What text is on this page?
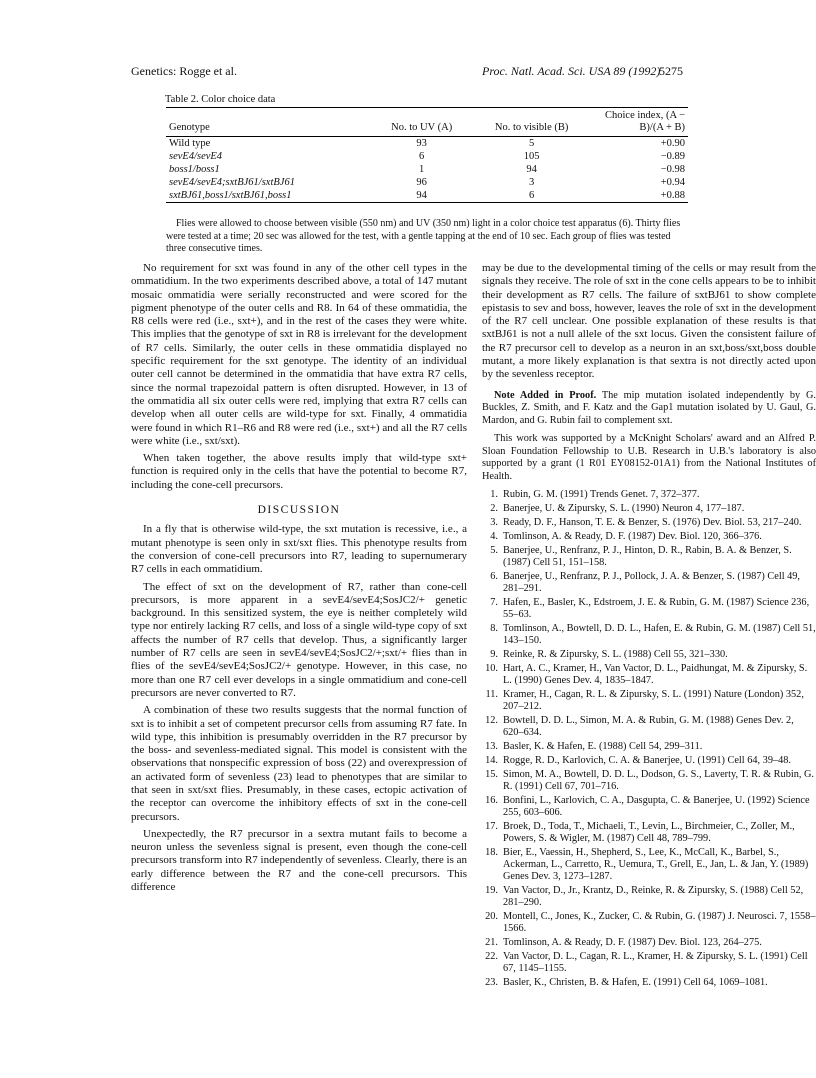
Genetics: Rogge et al.	Proc. Natl. Acad. Sci. USA 89 (1992)
5275
Table 2. Color choice data
Genotype	No. to UV (A)	No. to visible (B)	Choice index, (A − B)/(A + B)
Wild type	93	5	+0.90
sevE4/sevE4	6	105	−0.89
boss1/boss1	1	94	−0.98
sevE4/sevE4;sxtBJ61/sxtBJ61	96	3	+0.94
sxtBJ61,boss1/sxtBJ61,boss1	94	6	+0.88

Flies were allowed to choose between visible (550 nm) and UV (350 nm) light in a color choice test apparatus (6). Thirty flies were tested at a time; 20 sec was allowed for the test, with a gentle tapping at the end of 10 sec. Each group of flies was tested three consecutive times.

No requirement for sxt was found in any of the other cell types in the ommatidium. In the two experiments described above, a total of 147 mutant mosaic ommatidia were serially reconstructed and were scored for the pigment phenotype of the outer cells and R8. In 64 of these ommatidia, the R8 cells were red (i.e., sxt+), and in the rest of the cases they were white. This implies that the genotype of sxt in R8 is irrelevant for the development of R7 cells. Similarly, the outer cells in these ommatidia displayed no specific requirement for the sxt genotype. The identity of an individual outer cell cannot be determined in the ommatidia that have extra R7 cells, since the normal trapezoidal pattern is often disrupted. However, in 13 of the ommatidia all six outer cells were red, implying that extra R7 cells can develop when all outer cells are wild-type for sxt. Finally, 4 ommatidia were found in which R1–R6 and R8 were red (i.e., sxt+) and all the R7 cells were white (i.e., sxt/sxt).

When taken together, the above results imply that wild-type sxt+ function is required only in the cells that have the potential to become R7, including the cone-cell precursors.

DISCUSSION

In a fly that is otherwise wild-type, the sxt mutation is recessive, i.e., a mutant phenotype is seen only in sxt/sxt flies. This phenotype results from the conversion of cone-cell precursors into R7, leading to supernumerary R7 cells in each ommatidium.

The effect of sxt on the development of R7, rather than cone-cell precursors, is more apparent in a sevE4/sevE4;SosJC2/+ genetic background. In this sensitized system, the eye is neither completely wild type nor entirely lacking R7 cells, and loss of a single wild-type copy of sxt affects the number of R7 cells that develop. Thus, a significantly larger number of R7 cells are seen in sevE4/sevE4;SosJC2/+;sxt/+ flies than in flies of the sevE4/sevE4;SosJC2/+ genotype. However, in this case, no more than one R7 cell ever develops in a single ommatidium and cone-cell precursors are never converted to R7.

A combination of these two results suggests that the normal function of sxt is to inhibit a set of competent precursor cells from assuming R7 fate. In wild type, this inhibition is presumably overridden in the R7 precursor by the boss- and sevenless-mediated signal. This model is consistent with the observations that nonspecific expression of boss (22) and overexpression of an activated form of sevenless (23) lead to phenotypes that are similar to that seen in sxt/sxt flies. Presumably, in these cases, ectopic activation of the receptor can overcome the inhibitory effects of sxt in the cone-cell precursors.

Unexpectedly, the R7 precursor in a sextra mutant fails to become a neuron unless the sevenless signal is present, even though the cone-cell precursors transform into R7 independently of sevenless. Clearly, there is an early difference between the R7 and the cone-cell precursors. This difference

may be due to the developmental timing of the cells or may result from the signals they receive. The role of sxt in the cone cells appears to be to inhibit their development as R7 cells. The failure of sxtBJ61 to show complete epistasis to sev and boss, however, leaves the role of sxt in the development of the R7 cell unclear. One possible explanation of these results is that sxtBJ61 is not a null allele of the sxt locus. Given the consistent failure of the R7 precursor cell to develop as a neuron in an sxt,boss/sxt,boss double mutant, a more likely explanation is that sextra is not directly acted upon by the sevenless receptor.

Note Added in Proof. The mip mutation isolated independently by G. Buckles, Z. Smith, and F. Katz and the Gap1 mutation isolated by U. Gaul, G. Mardon, and G. Rubin fail to complement sxt.

This work was supported by a McKnight Scholars' award and an Alfred P. Sloan Foundation Fellowship to U.B. Research in U.B.'s laboratory is also supported by a grant (1 R01 EY08152-01A1) from the National Institutes of Health.

1. Rubin, G. M. (1991) Trends Genet. 7, 372–377.
2. Banerjee, U. & Zipursky, S. L. (1990) Neuron 4, 177–187.
3. Ready, D. F., Hanson, T. E. & Benzer, S. (1976) Dev. Biol. 53, 217–240.
4. Tomlinson, A. & Ready, D. F. (1987) Dev. Biol. 120, 366–376.
5. Banerjee, U., Renfranz, P. J., Hinton, D. R., Rabin, B. A. & Benzer, S. (1987) Cell 51, 151–158.
6. Banerjee, U., Renfranz, P. J., Pollock, J. A. & Benzer, S. (1987) Cell 49, 281–291.
7. Hafen, E., Basler, K., Edstroem, J. E. & Rubin, G. M. (1987) Science 236, 55–63.
8. Tomlinson, A., Bowtell, D. D. L., Hafen, E. & Rubin, G. M. (1987) Cell 51, 143–150.
9. Reinke, R. & Zipursky, S. L. (1988) Cell 55, 321–330.
10. Hart, A. C., Kramer, H., Van Vactor, D. L., Paidhungat, M. & Zipursky, S. L. (1990) Genes Dev. 4, 1835–1847.
11. Kramer, H., Cagan, R. L. & Zipursky, S. L. (1991) Nature (London) 352, 207–212.
12. Bowtell, D. D. L., Simon, M. A. & Rubin, G. M. (1988) Genes Dev. 2, 620–634.
13. Basler, K. & Hafen, E. (1988) Cell 54, 299–311.
14. Rogge, R. D., Karlovich, C. A. & Banerjee, U. (1991) Cell 64, 39–48.
15. Simon, M. A., Bowtell, D. D. L., Dodson, G. S., Laverty, T. R. & Rubin, G. R. (1991) Cell 67, 701–716.
16. Bonfini, L., Karlovich, C. A., Dasgupta, C. & Banerjee, U. (1992) Science 255, 603–606.
17. Broek, D., Toda, T., Michaeli, T., Levin, L., Birchmeier, C., Zoller, M., Powers, S. & Wigler, M. (1987) Cell 48, 789–799.
18. Bier, E., Vaessin, H., Shepherd, S., Lee, K., McCall, K., Barbel, S., Ackerman, L., Carretto, R., Uemura, T., Grell, E., Jan, L. & Jan, Y. (1989) Genes Dev. 3, 1273–1287.
19. Van Vactor, D., Jr., Krantz, D., Reinke, R. & Zipursky, S. (1988) Cell 52, 281–290.
20. Montell, C., Jones, K., Zucker, C. & Rubin, G. (1987) J. Neurosci. 7, 1558–1566.
21. Tomlinson, A. & Ready, D. F. (1987) Dev. Biol. 123, 264–275.
22. Van Vactor, D. L., Cagan, R. L., Kramer, H. & Zipursky, S. L. (1991) Cell 67, 1145–1155.
23. Basler, K., Christen, B. & Hafen, E. (1991) Cell 64, 1069–1081.
